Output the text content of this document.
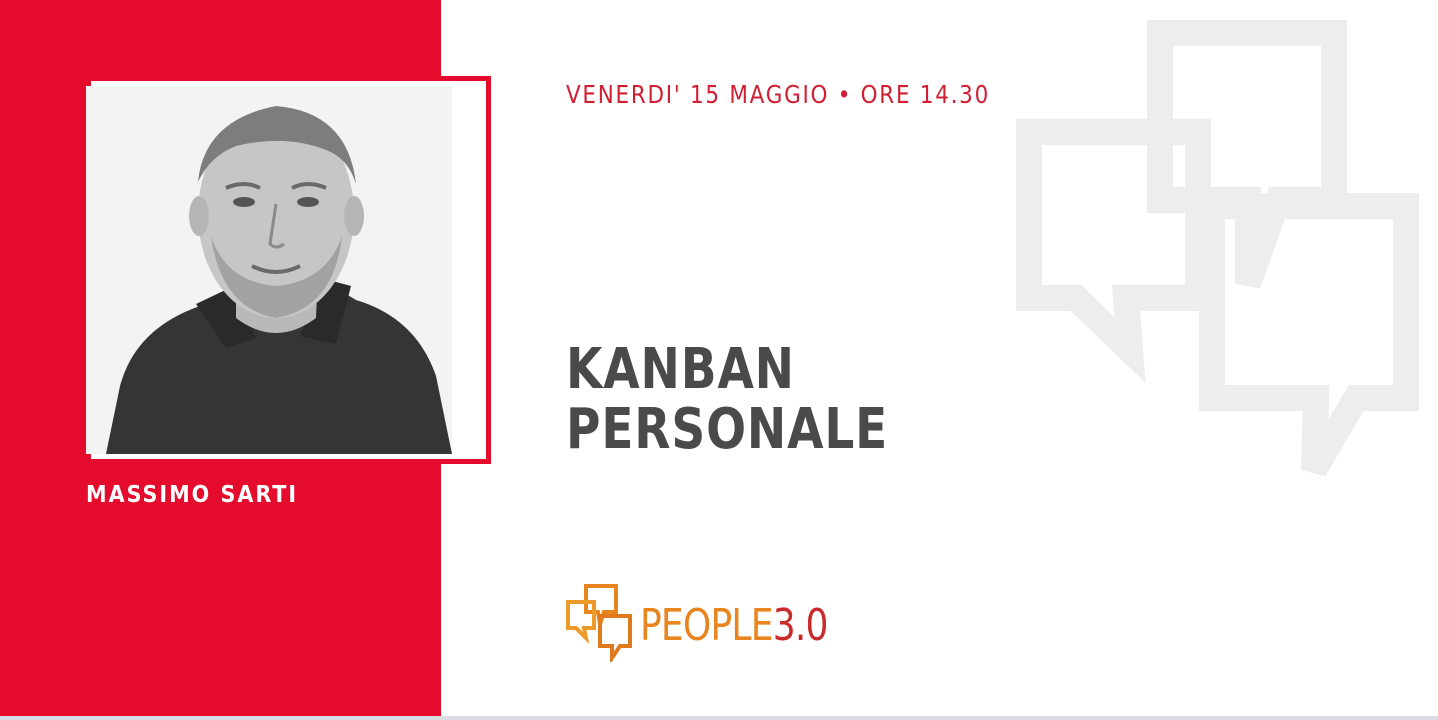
MASSIMO SARTI
VENERDI' 15 MAGGIO • ORE 14.30
KANBAN
PERSONALE
PEOPLE3.0
